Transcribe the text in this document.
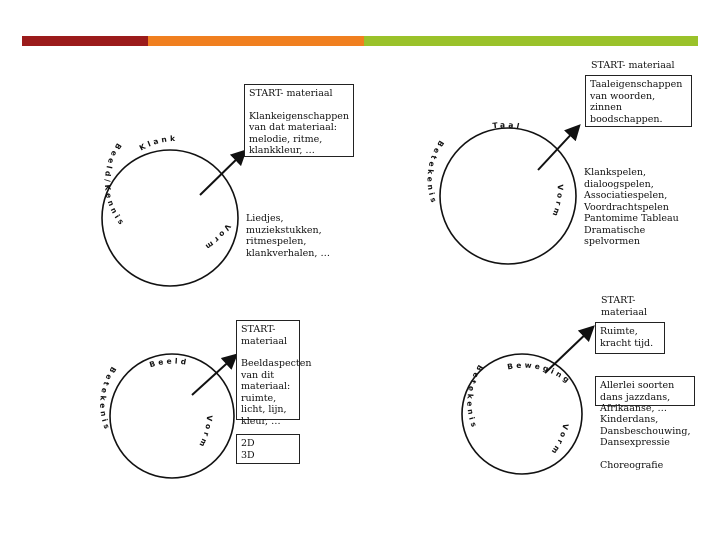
Beeld/Kennis
Klank
Vorm
Betekenis
Taal
Vorm
Betekenis
Beeld
Vorm
Betekenis
Beweging
Vorm
START- materiaal
Klankeigenschappen van dat materiaal: melodie, ritme, klankkleur, …
Liedjes, muziekstukken, ritmespelen, klankverhalen, …
START- materiaal
Taaleigenschappen van woorden, zinnen boodschappen.
Klankspelen, dialoogspelen, Associatiespelen, Voordrachtspelen Pantomime Tableau Dramatische spelvormen
START- materiaal
Beeldaspecten van dit materiaal: ruimte, licht, lijn, kleur, …
2D
3D
START- materiaal
Ruimte, kracht tijd.
Allerlei soorten dans jazzdans, Afrikaanse, …
Kinderdans, Dansbeschouwing, Dansexpressie

Choreografie
